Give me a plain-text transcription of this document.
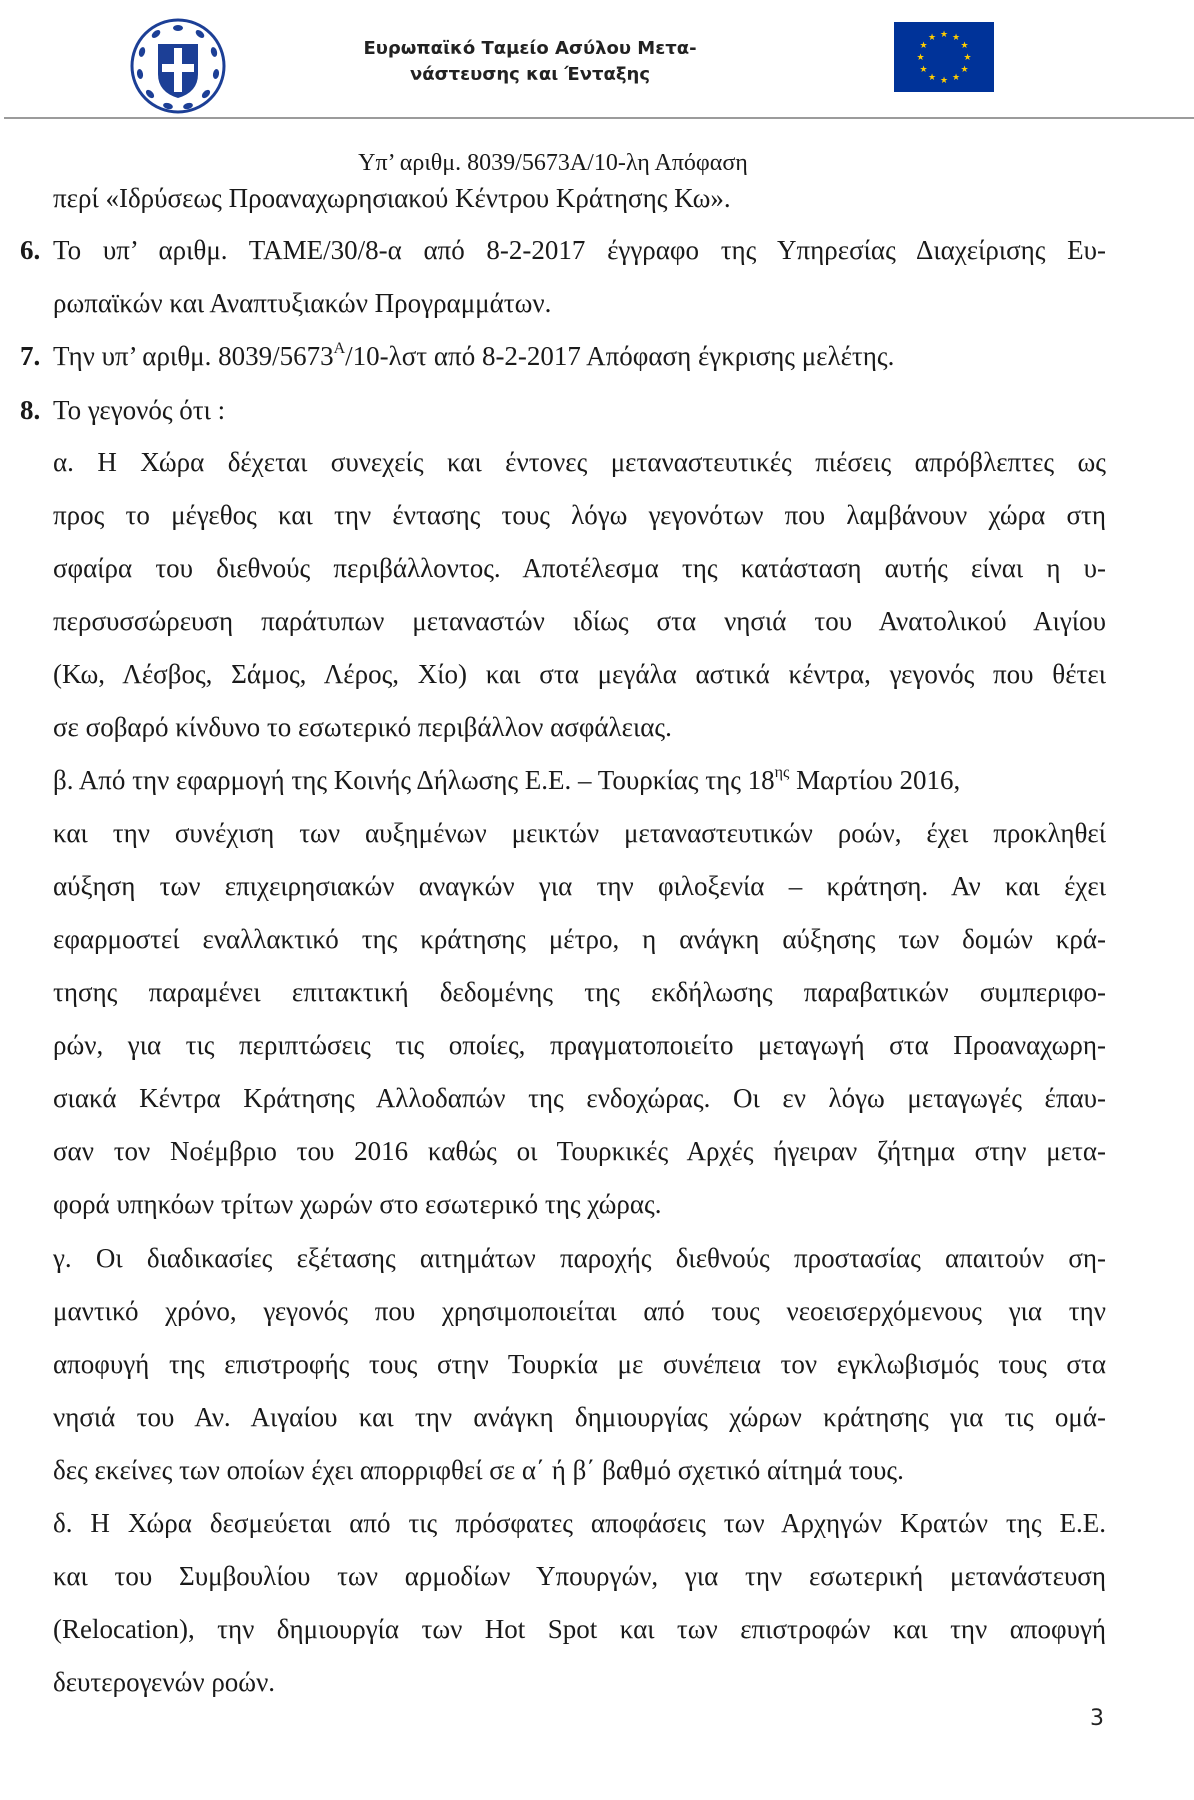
Ευρωπαϊκό Ταμείο Ασύλου Μετα-
νάστευσης και Ένταξης
★ ★
★
★
★
★
★
★
★
★
★
★
Υπ’ αριθμ. 8039/5673Α/10-λη Απόφαση
περί «Ιδρύσεως Προαναχωρησιακού Κέντρου Κράτησης Κω».
6. Το υπ’ αριθμ. ΤΑΜΕ/30/8-α από 8-2-2017 έγγραφο της Υπηρεσίας Διαχείρισης Ευ-
ρωπαϊκών και Αναπτυξιακών Προγραμμάτων.
7. Την υπ’ αριθμ. $8039/5673^A/10$-λστ από 8-2-2017 Απόφαση έγκρισης μελέτης.
8. Το γεγονός ότι :
α. Η Χώρα δέχεται συνεχείς και έντονες μεταναστευτικές πιέσεις απρόβλεπτες ως
προς το μέγεθος και την έντασης τους λόγω γεγονότων που λαμβάνουν χώρα στη
σφαίρα του διεθνούς περιβάλλοντος. Αποτέλεσμα της κατάσταση αυτής είναι η υ-
περσυσσώρευση παράτυπων μεταναστών ιδίως στα νησιά του Ανατολικού Αιγίου
(Κω, Λέσβος, Σάμος, Λέρος, Χίο) και στα μεγάλα αστικά κέντρα, γεγονός που θέτει
σε σοβαρό κίνδυνο το εσωτερικό περιβάλλον ασφάλειας.
β. Από την εφαρμογή της Κοινής Δήλωσης Ε.Ε. – Τουρκίας της $18^{\eta\varsigma}$ Μαρτίου 2016,
και την συνέχιση των αυξημένων μεικτών μεταναστευτικών ροών, έχει προκληθεί
αύξηση των επιχειρησιακών αναγκών για την φιλοξενία – κράτηση. Αν και έχει
εφαρμοστεί εναλλακτικό της κράτησης μέτρο, η ανάγκη αύξησης των δομών κρά-
τησης παραμένει επιτακτική δεδομένης της εκδήλωσης παραβατικών συμπεριφο-
ρών, για τις περιπτώσεις τις οποίες, πραγματοποιείτο μεταγωγή στα Προαναχωρη-
σιακά Κέντρα Κράτησης Αλλοδαπών της ενδοχώρας. Οι εν λόγω μεταγωγές έπαυ-
σαν τον Νοέμβριο του 2016 καθώς οι Τουρκικές Αρχές ήγειραν ζήτημα στην μετα-
φορά υπηκόων τρίτων χωρών στο εσωτερικό της χώρας.
γ. Οι διαδικασίες εξέτασης αιτημάτων παροχής διεθνούς προστασίας απαιτούν ση-
μαντικό χρόνο, γεγονός που χρησιμοποιείται από τους νεοεισερχόμενους για την
αποφυγή της επιστροφής τους στην Τουρκία με συνέπεια τον εγκλωβισμός τους στα
νησιά του Αν. Αιγαίου και την ανάγκη δημιουργίας χώρων κράτησης για τις ομά-
δες εκείνες των οποίων έχει απορριφθεί σε α΄ ή β΄ βαθμό σχετικό αίτημά τους.
δ. Η Χώρα δεσμεύεται από τις πρόσφατες αποφάσεις των Αρχηγών Κρατών της Ε.Ε.
και του Συμβουλίου των αρμοδίων Υπουργών, για την εσωτερική μετανάστευση
(Relocation), την δημιουργία των Hot Spot και των επιστροφών και την αποφυγή
δευτερογενών ροών.
3
